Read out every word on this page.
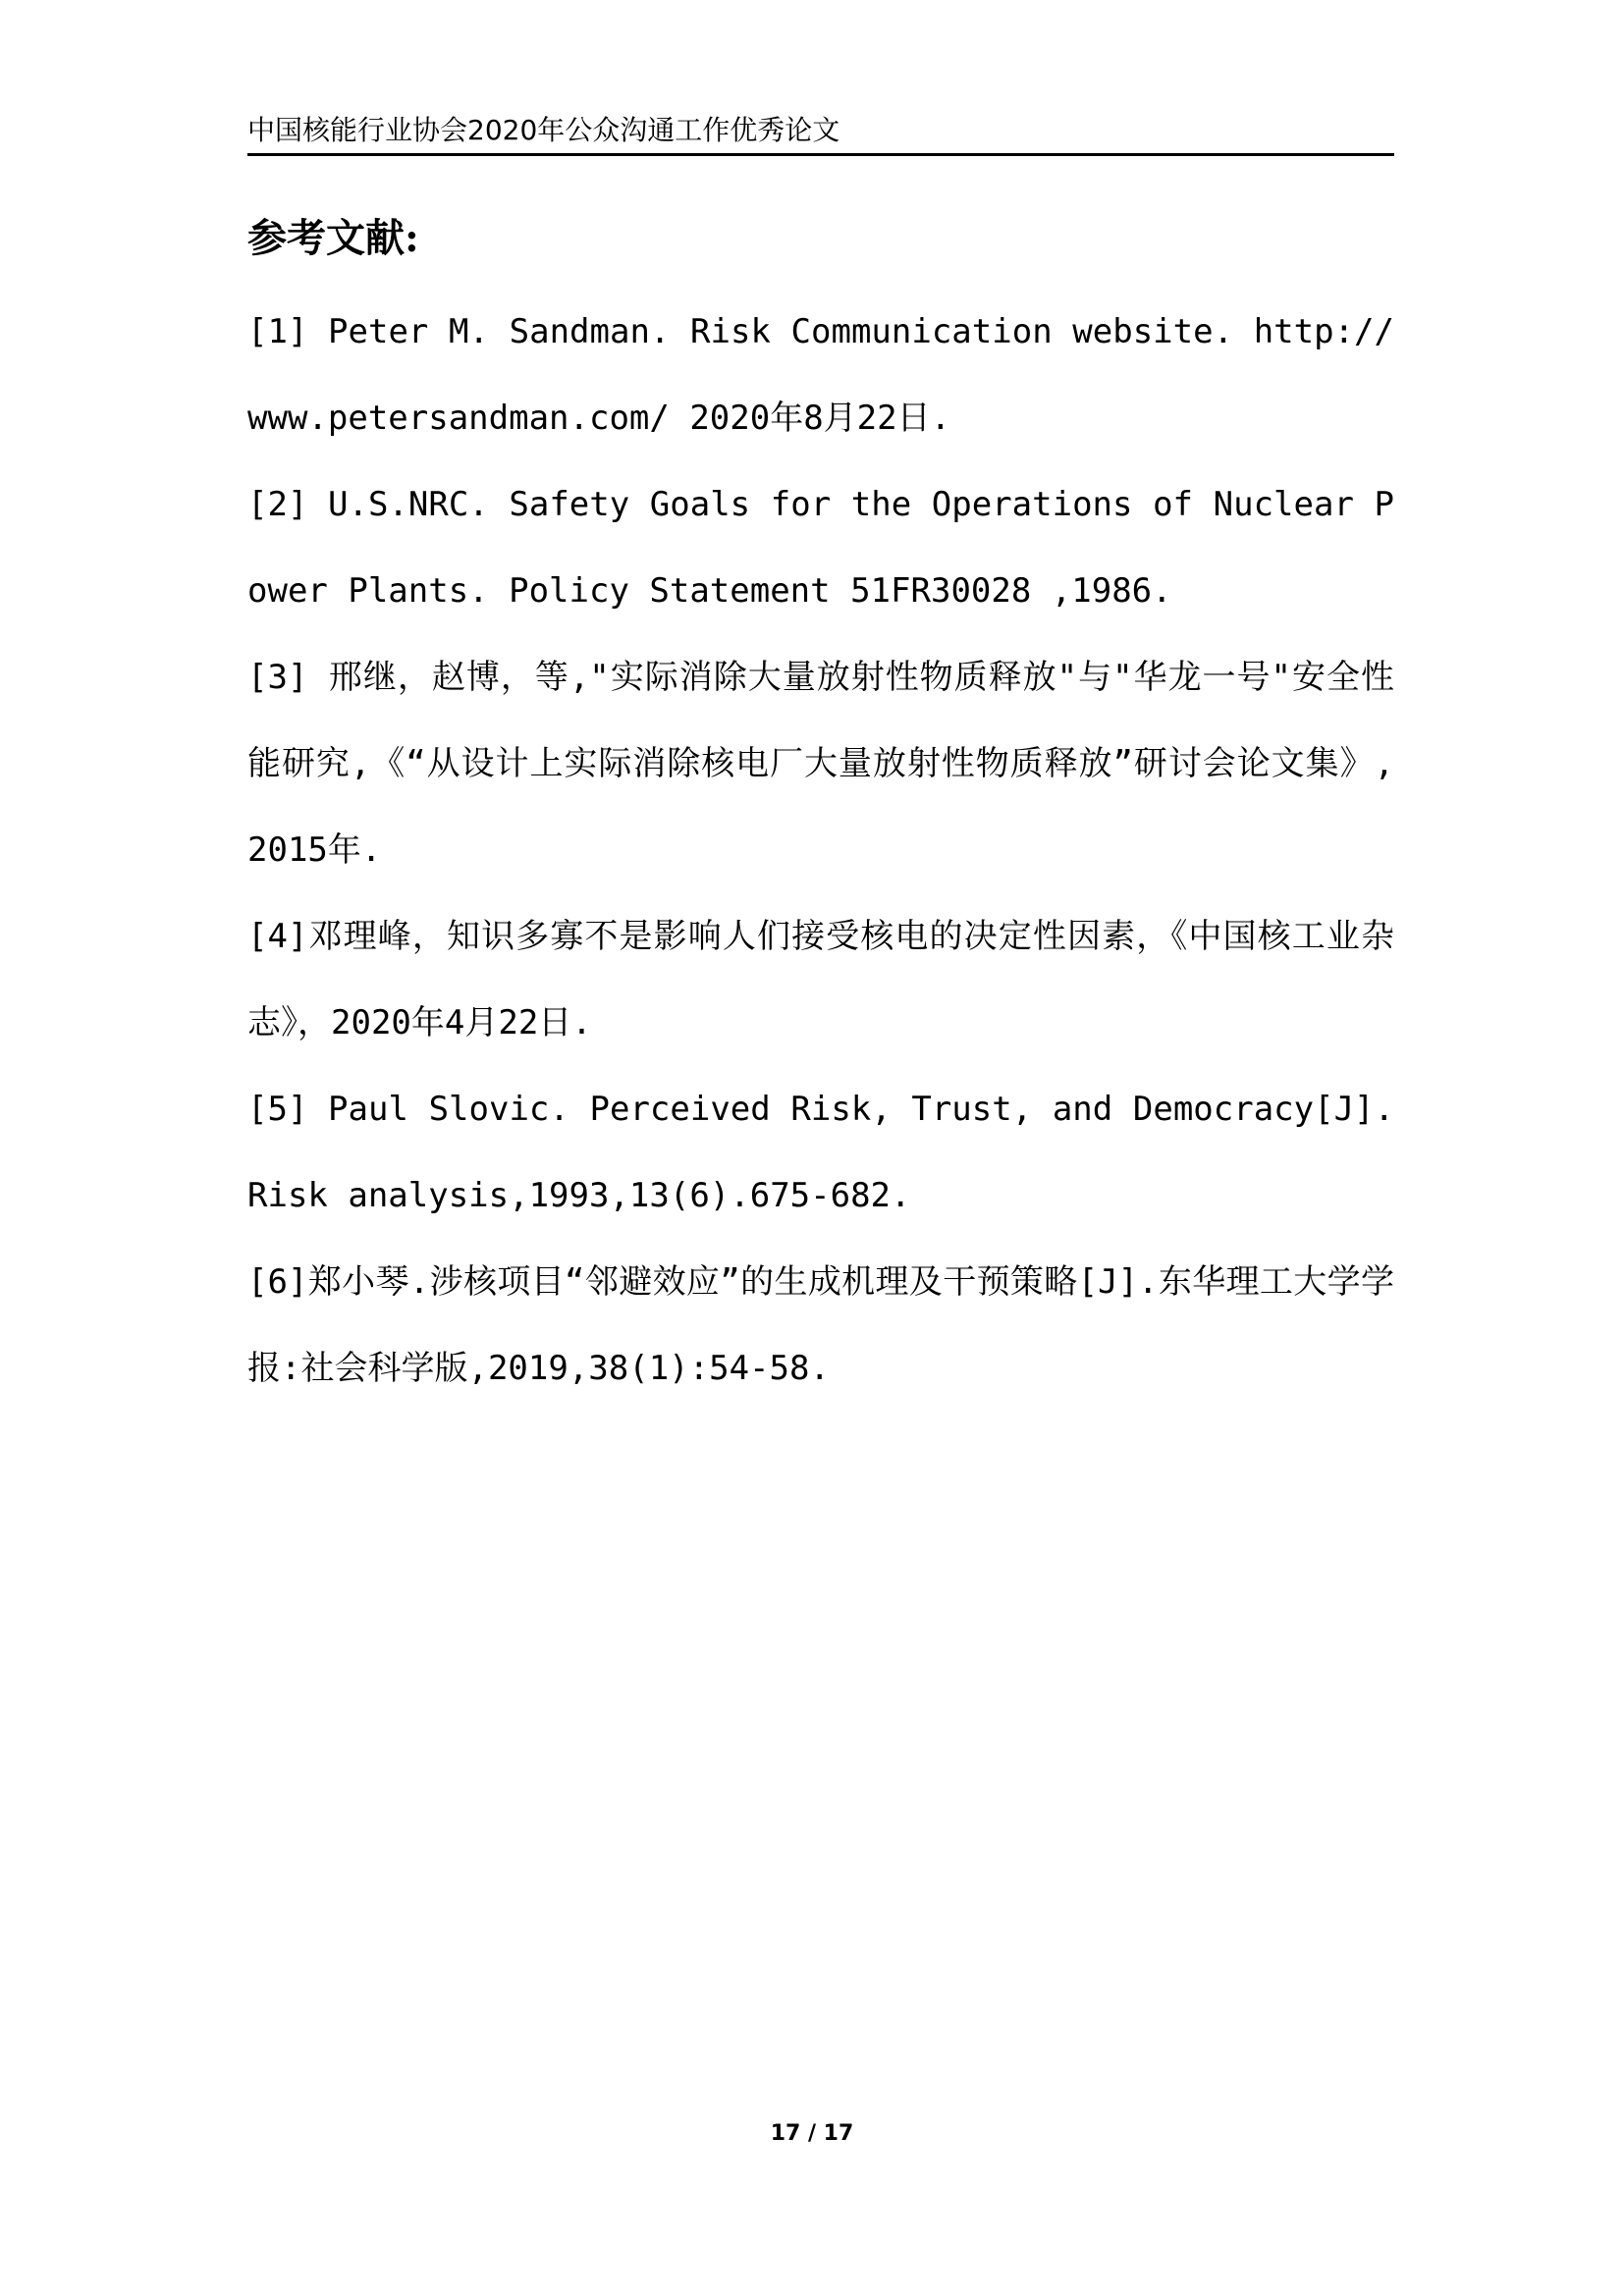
中国核能行业协会2020年公众沟通工作优秀论文
参考文献:

[1] Peter M. Sandman. Risk Communication website. http://www.petersandman.com/ 2020年8月22日.

[2] U.S.NRC. Safety Goals for the Operations of Nuclear Power Plants. Policy Statement 51FR30028 ,1986.

[3] 邢继，赵博，等,"实际消除大量放射性物质释放"与"华龙一号"安全性能研究,《“从设计上实际消除核电厂大量放射性物质释放”研讨会论文集》, 2015年.

[4]邓理峰，知识多寡不是影响人们接受核电的决定性因素，《中国核工业杂志》，2020年4月22日.

[5] Paul Slovic. Perceived Risk, Trust, and Democracy[J].Risk analysis,1993,13(6).675-682.

[6]郑小琴.涉核项目“邻避效应”的生成机理及干预策略[J].东华理工大学学报:社会科学版,2019,38(1):54-58.

17 / 17
